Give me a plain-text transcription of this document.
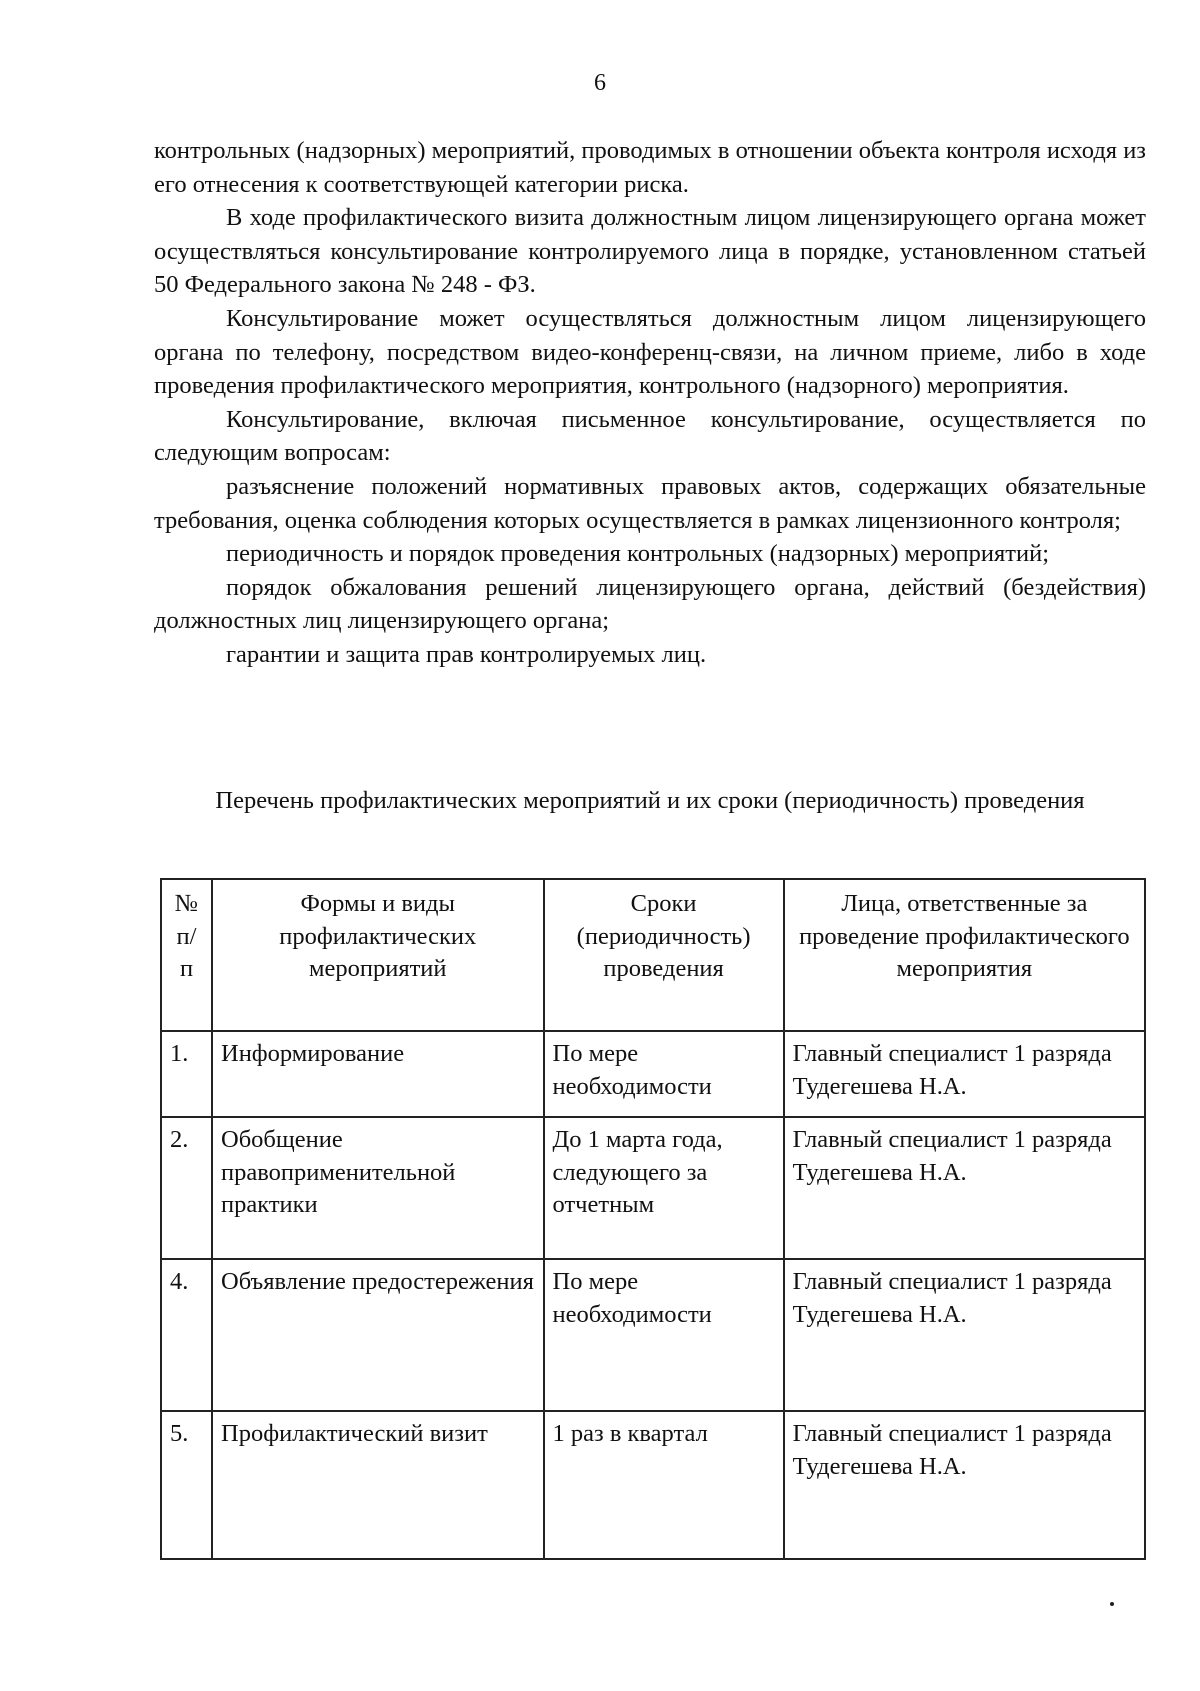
6

контрольных (надзорных) мероприятий, проводимых в отношении объекта контроля исходя из его отнесения к соответствующей категории риска.

В ходе профилактического визита должностным лицом лицензирующего органа может осуществляться консультирование контролируемого лица в порядке, установленном статьей 50 Федерального закона № 248 - ФЗ.

Консультирование может осуществляться должностным лицом лицензирующего органа по телефону, посредством видео-конференц-связи, на личном приеме, либо в ходе проведения профилактического мероприятия, контрольного (надзорного) мероприятия.

Консультирование, включая письменное консультирование, осуществляется по следующим вопросам:

разъяснение положений нормативных правовых актов, содержащих обязательные требования, оценка соблюдения которых осуществляется в рамках лицензионного контроля;

периодичность и порядок проведения контрольных (надзорных) мероприятий;

порядок обжалования решений лицензирующего органа, действий (бездействия) должностных лиц лицензирующего органа;

гарантии и защита прав контролируемых лиц.

Перечень профилактических мероприятий и их сроки (периодичность) проведения
№ п/п	Формы и виды профилактических мероприятий	Сроки (периодичность) проведения	Лица, ответственные за проведение профилактического мероприятия
1.	Информирование	По мере необходимости	Главный специалист 1 разряда Тудегешева Н.А.
2.	Обобщение правоприменительной практики	До 1 марта года, следующего за отчетным	Главный специалист 1 разряда Тудегешева Н.А.
4.	Объявление предостережения	По мере необходимости	Главный специалист 1 разряда Тудегешева Н.А.
5.	Профилактический визит	1 раз в квартал	Главный специалист 1 разряда Тудегешева Н.А.
